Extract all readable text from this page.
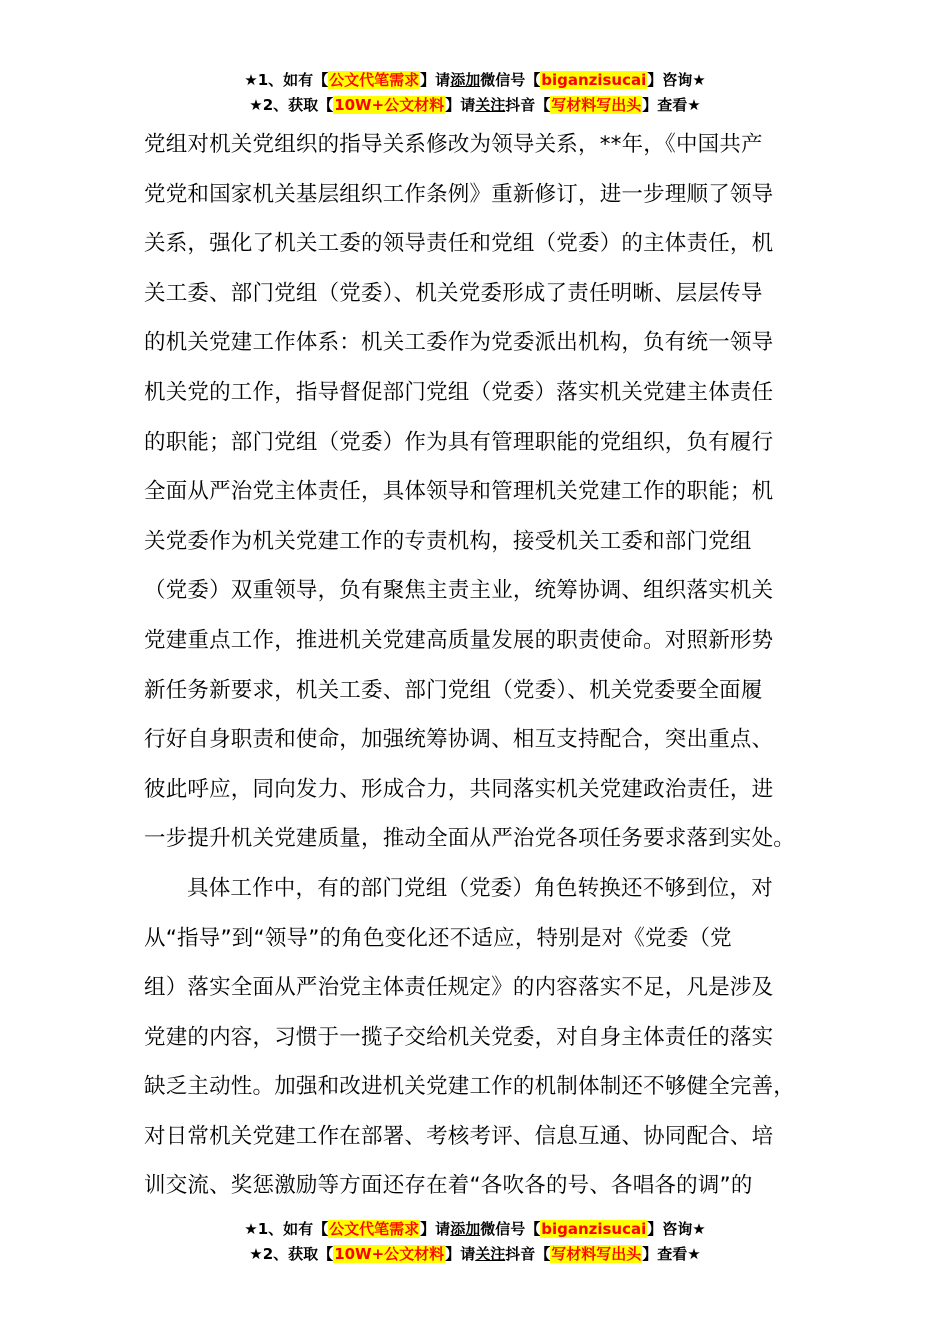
★1、如有【公文代笔需求】请添加微信号【biganzisucai】咨询★
★2、获取【10W+公文材料】请关注抖音【写材料写出头】查看★
党组对机关党组织的指导关系修改为领导关系，**年，《中国共产
党党和国家机关基层组织工作条例》重新修订，进一步理顺了领导
关系，强化了机关工委的领导责任和党组（党委）的主体责任，机
关工委、部门党组（党委）、机关党委形成了责任明晰、层层传导
的机关党建工作体系：机关工委作为党委派出机构，负有统一领导
机关党的工作，指导督促部门党组（党委）落实机关党建主体责任
的职能；部门党组（党委）作为具有管理职能的党组织，负有履行
全面从严治党主体责任，具体领导和管理机关党建工作的职能；机
关党委作为机关党建工作的专责机构，接受机关工委和部门党组
（党委）双重领导，负有聚焦主责主业，统筹协调、组织落实机关
党建重点工作，推进机关党建高质量发展的职责使命。对照新形势
新任务新要求，机关工委、部门党组（党委）、机关党委要全面履
行好自身职责和使命，加强统筹协调、相互支持配合，突出重点、
彼此呼应，同向发力、形成合力，共同落实机关党建政治责任，进
一步提升机关党建质量，推动全面从严治党各项任务要求落到实处。
具体工作中，有的部门党组（党委）角色转换还不够到位，对
从“指导”到“领导”的角色变化还不适应，特别是对《党委（党
组）落实全面从严治党主体责任规定》的内容落实不足，凡是涉及
党建的内容，习惯于一揽子交给机关党委，对自身主体责任的落实
缺乏主动性。加强和改进机关党建工作的机制体制还不够健全完善，
对日常机关党建工作在部署、考核考评、信息互通、协同配合、培
训交流、奖惩激励等方面还存在着“各吹各的号、各唱各的调”的
★1、如有【公文代笔需求】请添加微信号【biganzisucai】咨询★
★2、获取【10W+公文材料】请关注抖音【写材料写出头】查看★
